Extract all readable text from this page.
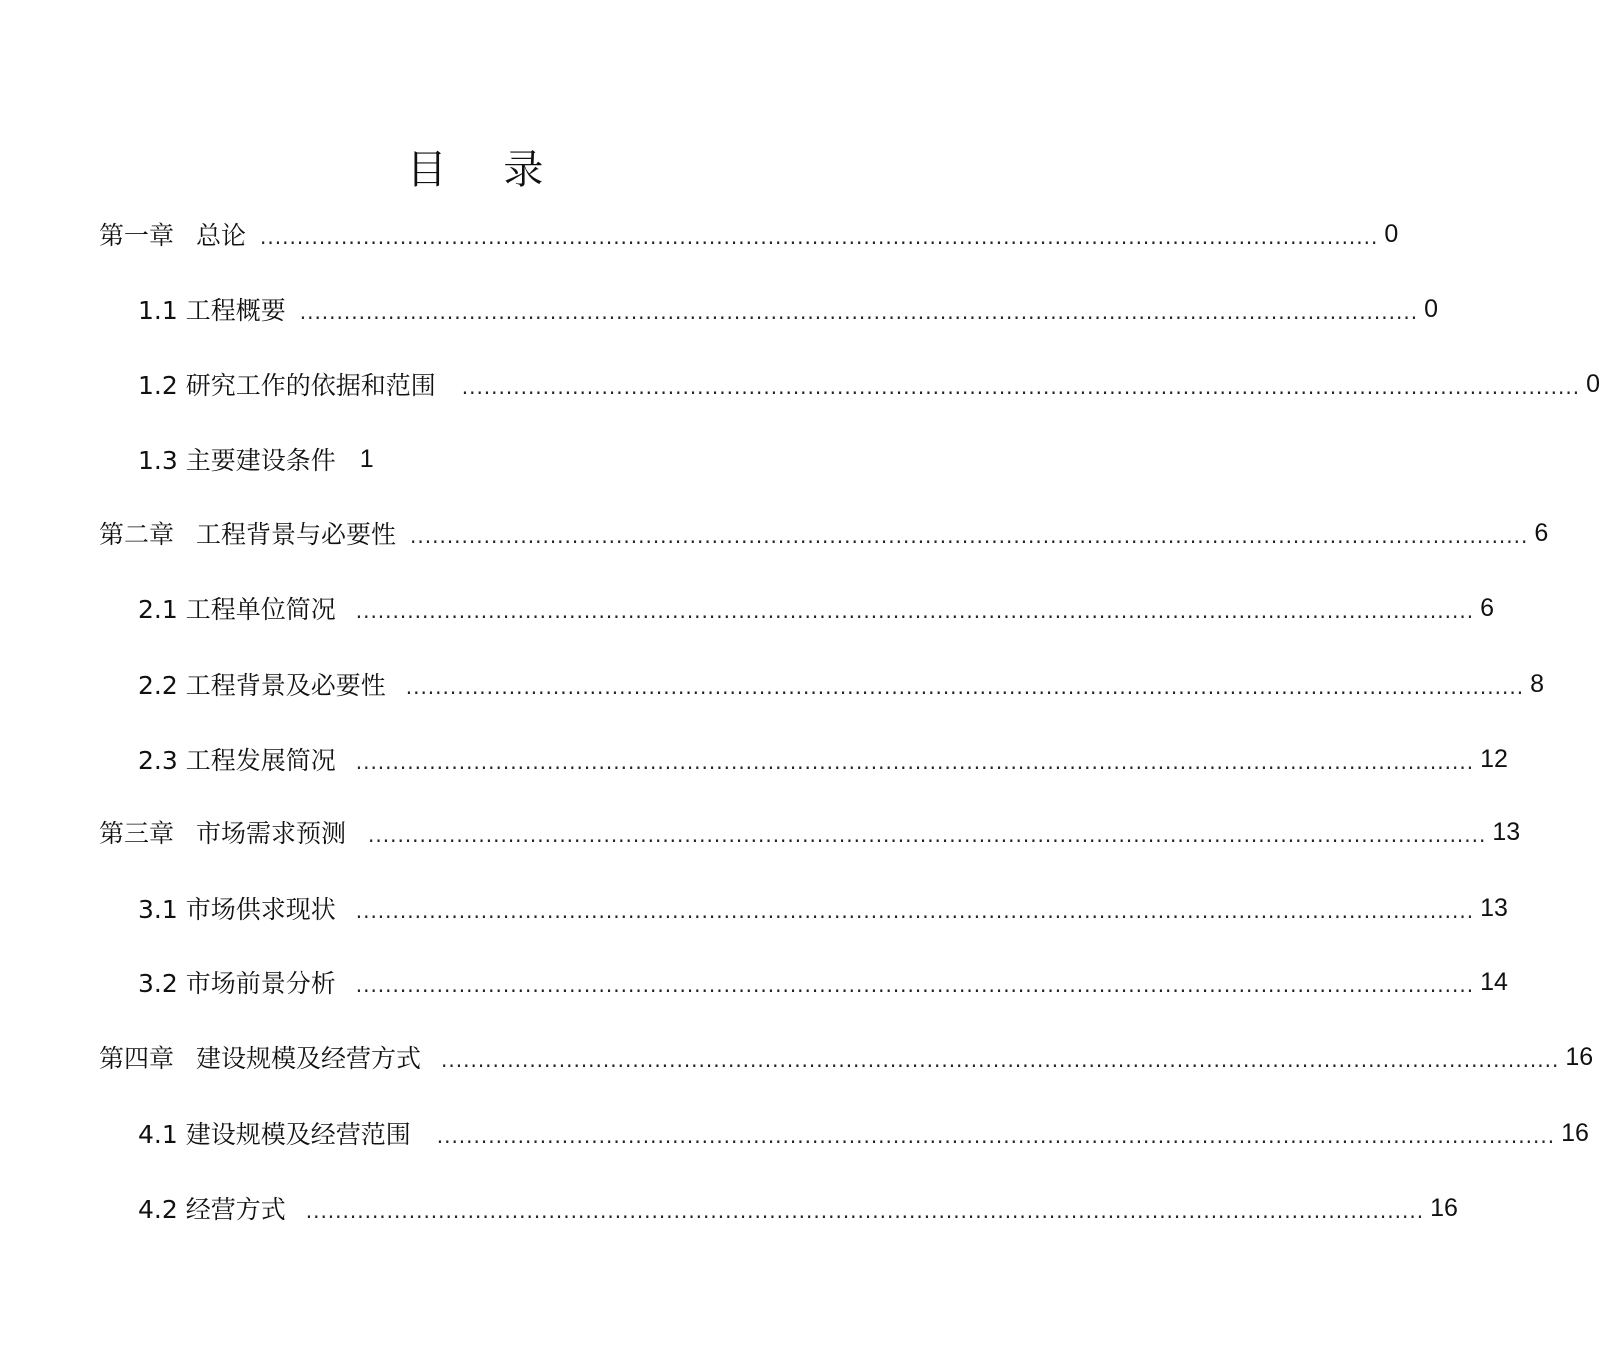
目 录
第一章 总论 ........................................................................................................................................................ 0
1.1 工程概要 ........................................................................................................................................................ 0
1.2 研究工作的依据和范围 ........................................................................................................................................................ 0
1.3 主要建设条件 1
第二章 工程背景与必要性 ........................................................................................................................................................ 6
2.1 工程单位简况 ........................................................................................................................................................ 6
2.2 工程背景及必要性 ........................................................................................................................................................ 8
2.3 工程发展简况 ........................................................................................................................................................ 12
第三章 市场需求预测 ........................................................................................................................................................ 13
3.1 市场供求现状 ........................................................................................................................................................ 13
3.2 市场前景分析 ........................................................................................................................................................ 14
第四章 建设规模及经营方式 ........................................................................................................................................................ 16
4.1 建设规模及经营范围 ........................................................................................................................................................ 16
4.2 经营方式 ........................................................................................................................................................ 16
